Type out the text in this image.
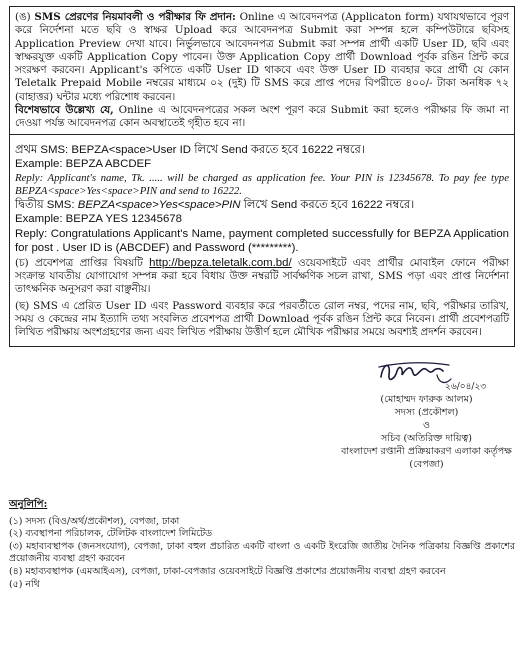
(ঙ) SMS প্রেরণের নিয়মাবলী ও পরীক্ষার ফি প্রদান: Online এ আবেদনপত্র (Applicaton form) যথাযথভাবে পূরণ করে নির্দেশনা মতে ছবি ও স্বাক্ষর Upload করে আবেদনপত্র Submit করা সম্পন্ন হলে কম্পিউটারে ছবিসহ Application Preview দেখা যাবে। নির্ভুলভাবে আবেদনপত্র Submit করা সম্পন্ন প্রার্থী একটি User ID, ছবি এবং স্বাক্ষরযুক্ত একটি Application Copy পাবেন। উক্ত Application Copy প্রার্থী Download পূর্বক রঙিন প্রিন্ট করে সংরক্ষণ করবেন। Applicant's কপিতে একটি User ID থাকবে এবং উক্ত User ID ব্যবহার করে প্রার্থী যে কোন Teletalk Prepaid Mobile নম্বরের মাধ্যমে ০২ (দুই) টি SMS করে প্রাপ্ত পদের বিপরীতে ৪০০/- টাকা অনধিক ৭২ (বাহাত্তর) ঘন্টার মধ্যে পরিশোধ করবেন।

বিশেষভাবে উল্লেখ্য যে, Online এ আবেদনপত্রের সকল অংশ পূরণ করে Submit করা হলেও পরীক্ষার ফি জমা না দেওয়া পর্যন্ত আবেদনপত্র কোন অবস্থাতেই গৃহীত হবে না।

প্রথম SMS: BEPZA<space>User ID লিখে Send করতে হবে 16222 নম্বরে।

Example: BEPZA ABCDEF

Reply: Applicant's name, Tk. ..... will be charged as application fee. Your PIN is 12345678. To pay fee type BEPZA<space>Yes<space>PIN and send to 16222.

দ্বিতীয় SMS: BEPZA<space>Yes<space>PIN লিখে Send করতে হবে 16222 নম্বরে।

Example: BEPZA YES 12345678

Reply: Congratulations Applicant's Name, payment completed successfully for BEPZA Application for post . User ID is (ABCDEF) and Password (*********).

(চ) প্রবেশপত্র প্রাপ্তির বিষয়টি http://bepza.teletalk.com.bd/ ওয়েবসাইটে এবং প্রার্থীর মোবাইল ফোনে পরীক্ষা সংক্রান্ত যাবতীয় যোগাযোগ সম্পন্ন করা হবে বিধায় উক্ত নম্বরটি সার্বক্ষণিক সচল রাখা, SMS পড়া এবং প্রাপ্ত নির্দেশনা তাৎক্ষনিক অনুসরণ করা বাঞ্ছনীয়।

(ছ) SMS এ প্রেরিত User ID এবং Password ব্যবহার করে পরবর্তীতে রোল নম্বর, পদের নাম, ছবি, পরীক্ষার তারিখ, সময় ও কেন্দ্রের নাম ইত্যাদি তথ্য সংবলিত প্রবেশপত্র প্রার্থী Download পূর্বক রঙিন প্রিন্ট করে নিবেন। প্রার্থী প্রবেশপত্রটি লিখিত পরীক্ষায় অংশগ্রহণের জন্য এবং লিখিত পরীক্ষায় উত্তীর্ণ হলে মৌখিক পরীক্ষার সময়ে অবশ্যই প্রদর্শন করবেন।

২৬/০৪/২৩
(মোহাম্মদ ফারুক আলম)
সদস্য (প্রকৌশল)
ও
সচিব (অতিরিক্ত দায়িত্ব)
বাংলাদেশ রপ্তানী প্রক্রিয়াকরণ এলাকা কর্তৃপক্ষ (বেপজা)
অনুলিপি:

(১) সদস্য (বিও/অর্থ/প্রকৌশল), বেপজা, ঢাকা

(২) ব্যবস্থাপনা পরিচালক, টেলিটক বাংলাদেশ লিমিটেড

(৩) মহাব্যবস্থাপক (জনসংযোগ), বেপজা, ঢাকা বহুল প্রচারিত একটি বাংলা ও একটি ইংরেজি জাতীয় দৈনিক পত্রিকায় বিজ্ঞপ্তি প্রকাশের প্রয়োজনীয় ব্যবস্থা গ্রহণ করবেন

(৪) মহাব্যবস্থাপক (এমআইএস), বেপজা, ঢাকা-বেপজার ওয়েবসাইটে বিজ্ঞপ্তি প্রকাশের প্রয়োজনীয় ব্যবস্থা গ্রহণ করবেন

(৫) নথি
